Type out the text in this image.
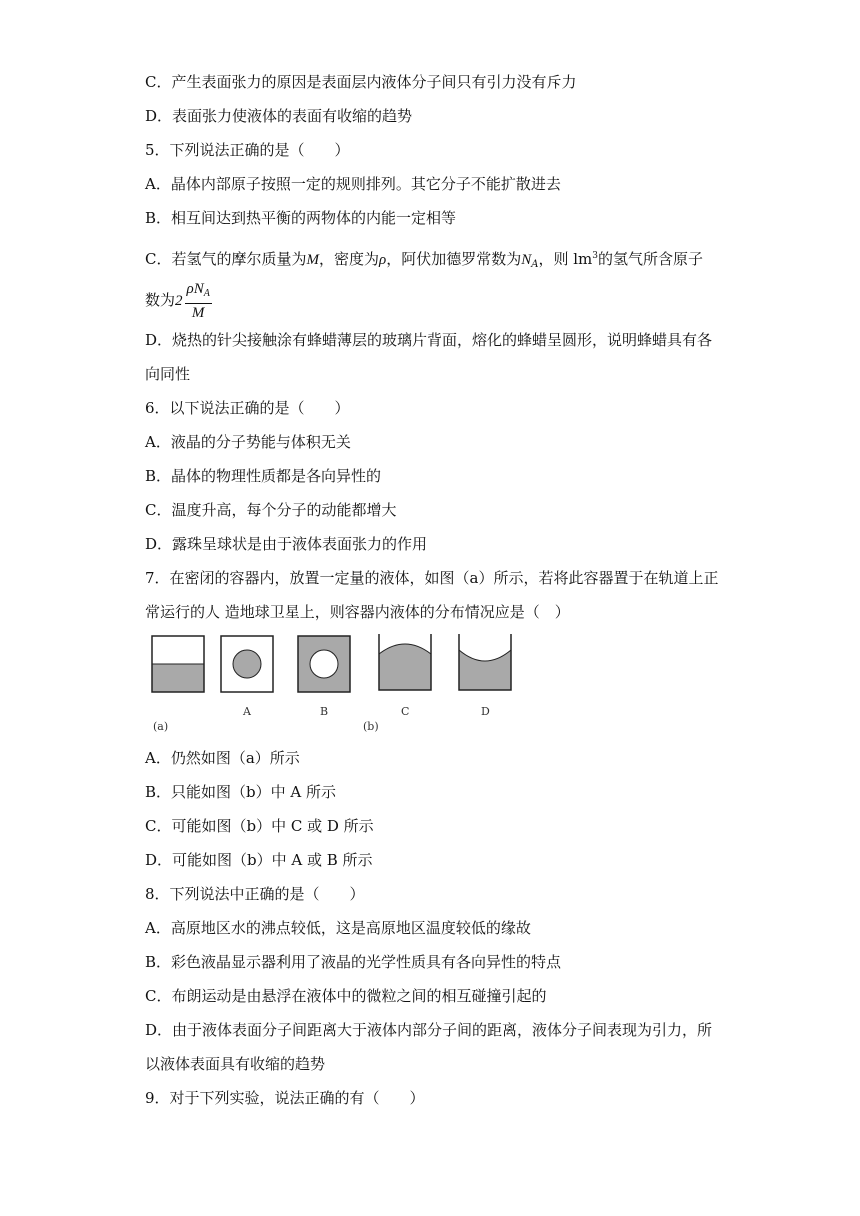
C．产生表面张力的原因是表面层内液体分子间只有引力没有斥力
D．表面张力使液体的表面有收缩的趋势
5．下列说法正确的是（　　）
A．晶体内部原子按照一定的规则排列。其它分子不能扩散进去
B．相互间达到热平衡的两物体的内能一定相等
C．若氢气的摩尔质量为M，密度为ρ，阿伏加德罗常数为$N_A$，则 $lm^3$的氢气所含原子
数为$2 \frac{\rho N_A}{M}$
D．烧热的针尖接触涂有蜂蜡薄层的玻璃片背面，熔化的蜂蜡呈圆形，说明蜂蜡具有各
向同性
6．以下说法正确的是（　　）
A．液晶的分子势能与体积无关
B．晶体的物理性质都是各向异性的
C．温度升高，每个分子的动能都增大
D．露珠呈球状是由于液体表面张力的作用
7．在密闭的容器内，放置一定量的液体，如图（a）所示，若将此容器置于在轨道上正
常运行的人 造地球卫星上，则容器内液体的分布情况应是（　）
(a)
A	B
(b)
C	D
A．仍然如图（a）所示
B．只能如图（b）中 A 所示
C．可能如图（b）中 C 或 D 所示
D．可能如图（b）中 A 或 B 所示
8．下列说法中正确的是（　　）
A．高原地区水的沸点较低，这是高原地区温度较低的缘故
B．彩色液晶显示器利用了液晶的光学性质具有各向异性的特点
C．布朗运动是由悬浮在液体中的微粒之间的相互碰撞引起的
D．由于液体表面分子间距离大于液体内部分子间的距离，液体分子间表现为引力，所
以液体表面具有收缩的趋势
9．对于下列实验，说法正确的有（　　）
